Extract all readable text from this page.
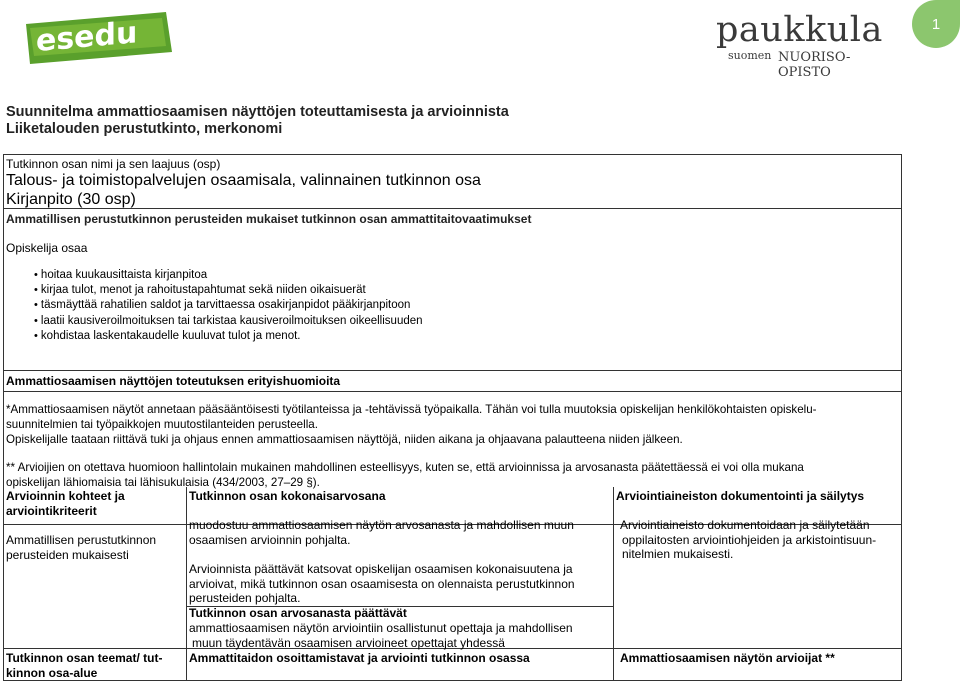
esedu	paukkula
suomen NUORISO-OPISTO
1
Suunnitelma ammattiosaamisen näyttöjen toteuttamisesta ja arvioinnista
Liiketalouden perustutkinto, merkonomi
Tutkinnon osan nimi ja sen laajuus (osp)
Talous- ja toimistopalvelujen osaamisala, valinnainen tutkinnon osa
Kirjanpito (30 osp)
Ammatillisen perustutkinnon perusteiden mukaiset tutkinnon osan ammattitaitovaatimukset
Opiskelija osaa
• hoitaa kuukausittaista kirjanpitoa
• kirjaa tulot, menot ja rahoitustapahtumat sekä niiden oikaisuerät
• täsmäyttää rahatilien saldot ja tarvittaessa osakirjanpidot pääkirjanpitoon
• laatii kausiveroilmoituksen tai tarkistaa kausiveroilmoituksen oikeellisuuden
• kohdistaa laskentakaudelle kuuluvat tulot ja menot.
Ammattiosaamisen näyttöjen toteutuksen erityishuomioita
*Ammattiosaamisen näytöt annetaan pääsääntöisesti työtilanteissa ja -tehtävissä työpaikalla. Tähän voi tulla muutoksia opiskelijan henkilökohtaisten opiskelu-
suunnitelmien tai työpaikkojen muutostilanteiden perusteella.
Opiskelijalle taataan riittävä tuki ja ohjaus ennen ammattiosaamisen näyttöjä, niiden aikana ja ohjaavana palautteena niiden jälkeen.
** Arvioijien on otettava huomioon hallintolain mukainen mahdollinen esteellisyys, kuten se, että arvioinnissa ja arvosanasta päätettäessä ei voi olla mukana
opiskelijan lähiomaisia tai lähisukulaisia (434/2003, 27–29 §).
Arvioinnin kohteet ja
arviointikriteerit
Ammatillisen perustutkinnon
perusteiden mukaisesti
Tutkinnon osan kokonaisarvosana
muodostuu ammattiosaamisen näytön arvosanasta ja mahdollisen muun
osaamisen arvioinnin pohjalta.
Arvioinnista päättävät katsovat opiskelijan osaamisen kokonaisuutena ja
arvioivat, mikä tutkinnon osan osaamisesta on olennaista perustutkinnon
perusteiden pohjalta.
Tutkinnon osan arvosanasta päättävät
ammattiosaamisen näytön arviointiin osallistunut opettaja ja mahdollisen
muun täydentävän osaamisen arvioineet opettajat yhdessä
Arviointiaineiston dokumentointi ja säilytys
Arviointiaineisto dokumentoidaan ja säilytetään
oppilaitosten arviointiohjeiden ja arkistointisuun-
nitelmien mukaisesti.
Tutkinnon osan teemat/ tut-
kinnon osa-alue
Ammattitaidon osoittamistavat ja arviointi tutkinnon osassa	Ammattiosaamisen näytön arvioijat **
